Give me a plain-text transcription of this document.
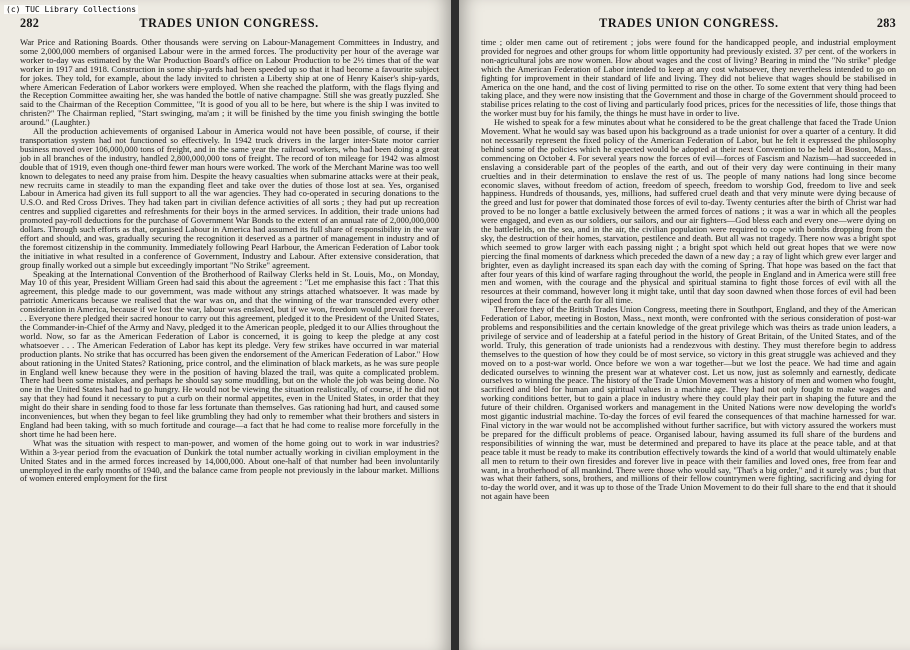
282	TRADES UNION CONGRESS.

War Price and Rationing Boards. Other thousands were serving on Labour-Management Committees in Industry, and some 2,000,000 members of organised Labour were in the armed forces. The productivity per hour of the average war worker to-day was estimated by the War Production Board's office on Labour Production to be 2½ times that of the war worker in 1917 and 1918. Construction in some ship-yards had been speeded up so that it had become a favourite subject for jokes. They told, for example, about the lady invited to christen a Liberty ship at one of Henry Kaiser's ship-yards, where American Federation of Labor workers were employed. When she reached the platform, with the flags flying and the Reception Committee awaiting her, she was handed the bottle of native champagne. Still she was greatly puzzled. She said to the Chairman of the Reception Committee, "It is good of you all to be here, but where is the ship I was invited to christen?" The Chairman replied, "Start swinging, ma'am ; it will be finished by the time you finish swinging the bottle around." (Laughter.)

All the production achievements of organised Labour in America would not have been possible, of course, if their transportation system had not functioned so effectively. In 1942 truck drivers in the larger inter-State motor carrier business moved over 106,000,000 tons of freight, and in the same year the railroad workers, who had been doing a great job in all branches of the industry, handled 2,800,000,000 tons of freight. The record of ton mileage for 1942 was almost double that of 1919, even though one-third fewer man hours were worked. The work of the Merchant Marine was too well known to delegates to need any praise from him. Despite the heavy casualties when submarine attacks were at their peak, new recruits came in steadily to man the expanding fleet and take over the duties of those lost at sea. Yes, organised Labour in America had given its full support to all the war agencies. They had co-operated in securing donations to the U.S.O. and Red Cross Drives. They had taken part in civilian defence activities of all sorts ; they had put up recreation centres and supplied cigarettes and refreshments for their boys in the armed services. In addition, their trade unions had promoted pay-roll deductions for the purchase of Government War Bonds to the extent of an annual rate of 2,000,000,000 dollars. Through such efforts as that, organised Labour in America had assumed its full share of responsibility in the war effort and should, and was, gradually securing the recognition it deserved as a partner of management in industry and of the foremost citizenship in the community. Immediately following Pearl Harbour, the American Federation of Labor took the initiative in what resulted in a conference of Government, Industry and Labour. After extensive consideration, that group finally worked out a simple but exceedingly important "No Strike" agreement.

Speaking at the International Convention of the Brotherhood of Railway Clerks held in St. Louis, Mo., on Monday, May 10 of this year, President William Green had said this about the agreement : "Let me emphasise this fact : That this agreement, this pledge made to our government, was made without any strings attached whatsoever. It was made by patriotic Americans because we realised that the war was on, and that the winning of the war transcended every other consideration in America, because if we lost the war, labour was enslaved, but if we won, freedom would prevail forever . . . Everyone there pledged their sacred honour to carry out this agreement, pledged it to the President of the United States, the Commander-in-Chief of the Army and Navy, pledged it to the American people, pledged it to our Allies throughout the world. Now, so far as the American Federation of Labor is concerned, it is going to keep the pledge at any cost whatsoever . . . The American Federation of Labor has kept its pledge. Very few strikes have occurred in war material production plants. No strike that has occurred has been given the endorsement of the American Federation of Labor." How about rationing in the United States? Rationing, price control, and the elimination of black markets, as he was sure people in England well knew because they were in the position of having blazed the trail, was quite a complicated problem. There had been some mistakes, and perhaps he should say some muddling, but on the whole the job was being done. No one in the United States had had to go hungry. He would not be viewing the situation realistically, of course, if he did not say that they had found it necessary to put a curb on their normal appetites, even in the United States, in order that they might do their share in sending food to those far less fortunate than themselves. Gas rationing had hurt, and caused some inconveniences, but when they began to feel like grumbling they had only to remember what their brothers and sisters in England had been taking, with so much fortitude and courage—a fact that he had come to realise more forcefully in the short time he had been here.

What was the situation with respect to man-power, and women of the home going out to work in war industries? Within a 3-year period from the evacuation of Dunkirk the total number actually working in civilian employment in the United States and in the armed forces increased by 14,000,000. About one-half of that number had been involuntarily unemployed in the early months of 1940, and the balance came from people not previously in the labour market. Millions of women entered employment for the first

TRADES UNION CONGRESS.	283

time ; older men came out of retirement ; jobs were found for the handicapped people, and industrial employment provided for negroes and other groups for whom little opportunity had previously existed. 37 per cent. of the workers in non-agricultural jobs are now women. How about wages and the cost of living? Bearing in mind the "No strike" pledge which the American Federation of Labor intended to keep at any cost whatsoever, they nevertheless intended to go on fighting for improvement in their standard of life and living. They did not believe that wages should be stabilised in America on the one hand, and the cost of living permitted to rise on the other. To some extent that very thing had been taking place, and they were now insisting that the Government and those in charge of the Government should proceed to stabilise prices relating to the cost of living and particularly food prices, prices for the necessities of life, those things that the worker must buy for his family, the things he must have in order to live.

He wished to speak for a few minutes about what he considered to be the great challenge that faced the Trade Union Movement. What he would say was based upon his background as a trade unionist for over a quarter of a century. It did not necessarily represent the fixed policy of the American Federation of Labor, but he felt it expressed the philosophy behind some of the policies which he expected would be adopted at their next Convention to be held at Boston, Mass., commencing on October 4. For several years now the forces of evil—forces of Fascism and Nazism—had succeeded in enslaving a considerable part of the peoples of the earth, and out of their very day were continuing in their many cruelties and in their determination to enslave the rest of us. The people of many nations had long since become economic slaves, without freedom of action, freedom of speech, freedom to worship God, freedom to live and seek happiness. Hundreds of thousands, yes, millions, had suffered cruel death and that very minute were dying because of the greed and lust for power that dominated those forces of evil to-day. Twenty centuries after the birth of Christ war had proved to be no longer a battle exclusively between the armed forces of nations ; it was a war in which all the peoples were engaged, and even as our soldiers, our sailors, and our air fighters—God bless each and every one—were dying on the battlefields, on the sea, and in the air, the civilian population were required to cope with bombs dropping from the sky, the destruction of their homes, starvation, pestilence and death. But all was not tragedy. There now was a bright spot which seemed to grow larger with each passing night ; a bright spot which held out great hopes that we were now piercing the final moments of darkness which preceded the dawn of a new day ; a ray of light which grew ever larger and brighter, even as daylight increased its span each day with the coming of Spring. That hope was based on the fact that after four years of this kind of warfare raging throughout the world, the people in England and in America were still free men and women, with the courage and the physical and spiritual stamina to fight those forces of evil with all the resources at their command, however long it might take, until that day soon dawned when those forces of evil had been wiped from the face of the earth for all time.

Therefore they of the British Trades Union Congress, meeting there in Southport, England, and they of the American Federation of Labor, meeting in Boston, Mass., next month, were confronted with the serious consideration of post-war problems and responsibilities and the certain knowledge of the great privilege which was theirs as trade union leaders, a privilege of service and of leadership at a fateful period in the history of Great Britain, of the United States, and of the world. Truly, this generation of trade unionists had a rendezvous with destiny. They must therefore begin to address themselves to the question of how they could be of most service, so victory in this great struggle was achieved and they moved on to a post-war world. Once before we won a war together—but we lost the peace. We had time and again dedicated ourselves to winning the present war at whatever cost. Let us now, just as solemnly and earnestly, dedicate ourselves to winning the peace. The history of the Trade Union Movement was a history of men and women who fought, sacrificed and bled for human and spiritual values in a machine age. They had not only fought to make wages and working conditions better, but to gain a place in industry where they could play their part in shaping the future and the future of their children. Organised workers and management in the United Nations were now developing the world's most gigantic industrial machine. To-day the forces of evil feared the consequences of that machine harnessed for war. Final victory in the war would not be accomplished without further sacrifice, but with victory assured the workers must be prepared for the difficult problems of peace. Organised labour, having assumed its full share of the burdens and responsibilities of winning the war, must be determined and prepared to have its place at the peace table, and at that peace table it must be ready to make its contribution effectively towards the kind of a world that would ultimately enable all men to return to their own firesides and forever live in peace with their families and loved ones, free from fear and want, in a brotherhood of all mankind. There were those who would say, "That's a big order," and it surely was ; but that was what their fathers, sons, brothers, and millions of their fellow countrymen were fighting, sacrificing and dying for to-day the world over, and it was up to those of the Trade Union Movement to do their full share to the end that it should not again have been

(c) TUC Library Collections
